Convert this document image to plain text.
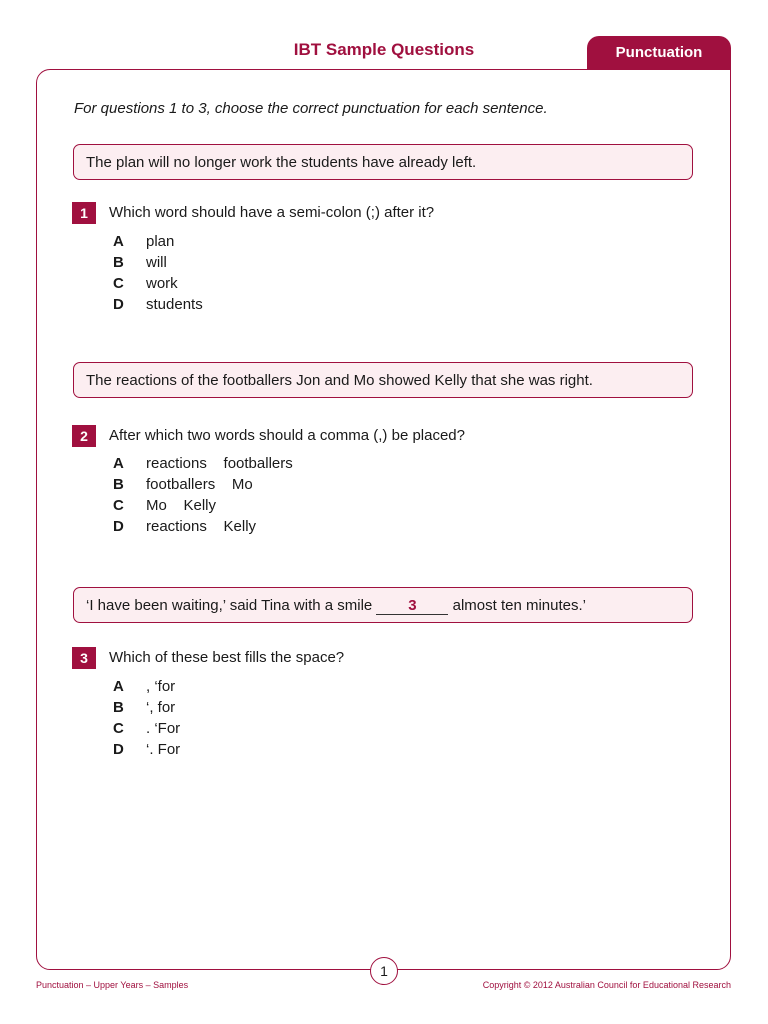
IBT Sample Questions	Punctuation
For questions 1 to 3, choose the correct punctuation for each sentence.
The plan will no longer work the students have already left.
1	Which word should have a semi-colon (;) after it?
A plan
B will
C work
D students
The reactions of the footballers Jon and Mo showed Kelly that she was right.
2	After which two words should a comma (,) be placed?
A reactions    footballers
B footballers    Mo
C Mo    Kelly
D reactions    Kelly
‘I have been waiting,’ said Tina with a smile 3 almost ten minutes.’
3	Which of these best fills the space?
A , ‘for
B ‘, for
C . ‘For
D ‘. For
1
Punctuation – Upper Years – Samples	Copyright © 2012 Australian Council for Educational Research
